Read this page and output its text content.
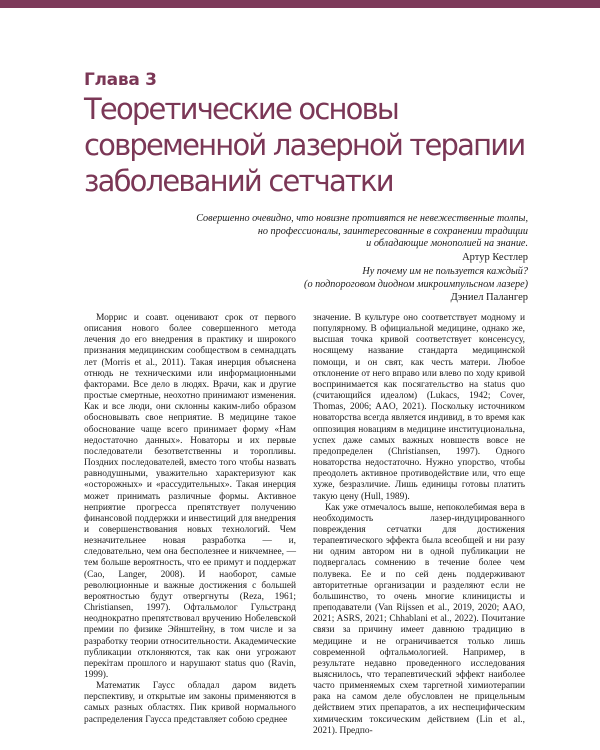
Глава 3
Теоретические основы
современной лазерной терапии
заболеваний сетчатки
Совершенно очевидно, что новизне противятся не невежественные толпы,
но профессионалы, заинтересованные в сохранении традиции
и обладающие монополией на знание.
Артур Кестлер
Ну почему им не пользуется каждый?
(о подпороговом диодном микроимпульсном лазере)
Дэниел Палангер

Моррис и соавт. оценивают срок от первого описания нового более совершенного метода лечения до его внедрения в практику и широкого признания медицинским сообществом в семнадцать лет (Morris et al., 2011). Такая инерция объяснена отнюдь не техническими или информационными факторами. Все дело в людях. Врачи, как и другие простые смертные, неохотно принимают изменения. Как и все люди, они склонны каким-либо образом обосновывать свое неприятие. В медицине такое обоснование чаще всего принимает форму «Нам недостаточно данных». Новаторы и их первые последователи безответственны и торопливы. Поздних последователей, вместо того чтобы назвать равнодушными, уважительно характеризуют как «осторожных» и «рассудительных». Такая инерция может принимать различные формы. Активное неприятие прогресса препятствует получению финансовой поддержки и инвестиций для внедрения и совершенствования новых технологий. Чем незначительнее новая разработка — и, следовательно, чем она бесполезнее и никчемнее, — тем больше вероятность, что ее примут и поддержат (Cao, Langer, 2008). И наоборот, самые революционные и важные достижения с большей вероятностью будут отвергнуты (Reza, 1961; Christiansen, 1997). Офтальмолог Гульстранд неоднократно препятствовал вручению Нобелевской премии по физике Эйнштейну, в том числе и за разработку теории относительности. Академические публикации отклоняются, так как они угрожают перекітам прошлого и нарушают status quo (Ravin, 1999).

Математик Гаусс обладал даром видеть перспективу, и открытые им законы применяются в самых разных областях. Пик кривой нормального распределения Гаусса представляет собою среднее

значение. В культуре оно соответствует модному и популярному. В официальной медицине, однако же, высшая точка кривой соответствует консенсусу, носящему название стандарта медицинской помощи, и он свят, как честь матери. Любое отклонение от него вправо или влево по ходу кривой воспринимается как посягательство на status quo (считающийся идеалом) (Lukacs, 1942; Cover, Thomas, 2006; AAO, 2021). Поскольку источником новаторства всегда является индивид, в то время как оппозиция новациям в медицине институциональна, успех даже самых важных новшеств вовсе не предопределен (Christiansen, 1997). Одного новаторства недостаточно. Нужно упорство, чтобы преодолеть активное противодействие или, что еще хуже, безразличие. Лишь единицы готовы платить такую цену (Hull, 1989).

Как уже отмечалось выше, непоколебимая вера в необходимость лазер-индуцированного повреждения сетчатки для достижения терапевтического эффекта была всеобщей и ни разу ни одним автором ни в одной публикации не подвергалась сомнению в течение более чем полувека. Ее и по сей день поддерживают авторитетные организации и разделяют если не большинство, то очень многие клиницисты и преподаватели (Van Rijssen et al., 2019, 2020; AAO, 2021; ASRS, 2021; Chhablani et al., 2022). Почитание связи за причину имеет давнюю традицию в медицине и не ограничивается только лишь современной офтальмологией. Например, в результате недавно проведенного исследования выяснилось, что терапевтический эффект наиболее часто применяемых схем таргетной химиотерапии рака на самом деле обусловлен не прицельным действием этих препаратов, а их неспецифическим химическим токсическим действием (Lin et al., 2021). Предпо-
